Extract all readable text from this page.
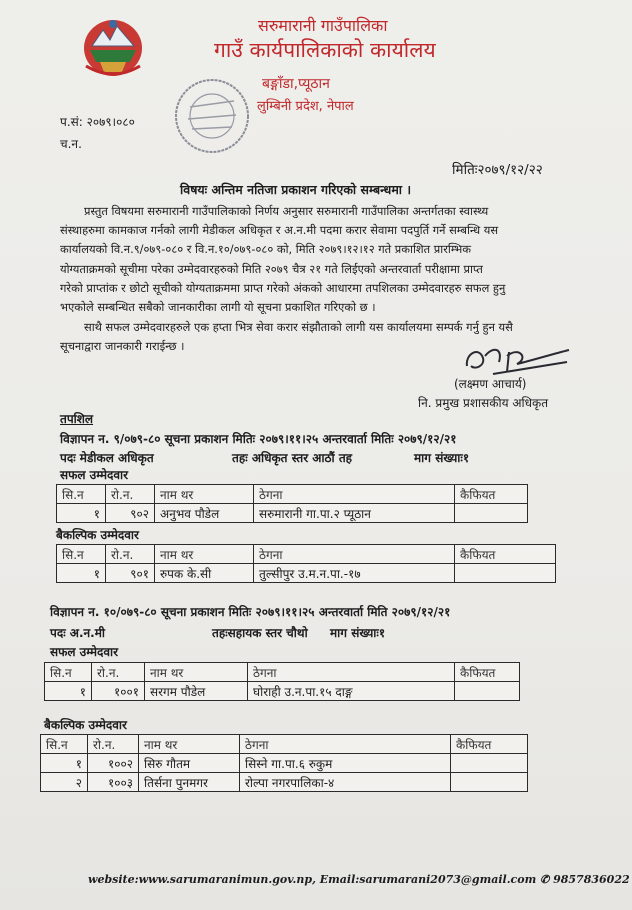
सरुमारानी गाउँपालिका
गाउँ कार्यपालिकाको कार्यालय
बङ्गाँडा,प्यूठान
लुम्बिनी प्रदेश, नेपाल
प.सं: २०७९।०८०
च.न.
मितिः२०७९/१२/२२
विषयः अन्तिम नतिजा प्रकाशन गरिएको सम्बन्धमा ।
प्रस्तुत विषयमा सरुमारानी गाउँपालिकाको निर्णय अनुसार सरुमारानी गाउँपालिका अन्तर्गतका स्वास्थ्य
संस्थाहरुमा कामकाज गर्नको लागी मेडीकल अधिकृत र अ.न.मी पदमा करार सेवामा पदपुर्ति गर्ने सम्बन्धि यस
कार्यालयको वि.न.९/०७९-०८० र वि.न.१०/०७९-०८० को, मिति २०७९।१२।१२ गते प्रकाशित प्रारम्भिक
योग्यताक्रमको सूचीमा परेका उम्मेदवारहरुको मिति २०७९ चैत्र २१ गते लिईएको अन्तरवार्ता परीक्षामा प्राप्त
गरेको प्राप्तांक र छोटो सूचीको योग्यताक्रममा प्राप्त गरेको अंकको आधारमा तपशिलका उम्मेदवारहरु सफल हुनु
भएकोले सम्बन्धित सबैको जानकारीका लागी यो सूचना प्रकाशित गरिएको छ ।
साथै सफल उम्मेदवारहरुले एक हप्ता भित्र सेवा करार संझौताको लागी यस कार्यालयमा सम्पर्क गर्नु हुन यसै
सूचनाद्वारा जानकारी गराईन्छ ।
(लक्ष्मण आचार्य)
नि. प्रमुख प्रशासकीय अधिकृत
तपशिल
विज्ञापन न. ९/०७९-८० सूचना प्रकाशन मितिः २०७९।११।२५ अन्तरवार्ता मितिः २०७९/१२/२१
पदः मेडीकल अधिकृत	तहः अधिकृत स्तर आठौं तह	माग संख्याः१
सफल उम्मेदवार
सि.न	रो.न.	नाम थर	ठेगना	कैफियत
१	९०२	अनुभव पौडेल	सरुमारानी गा.पा.२ प्यूठान	
बैकल्पिक उम्मेदवार
सि.न	रो.न.	नाम थर	ठेगना	कैफियत
१	९०१	रुपक के.सी	तुल्सीपुर उ.म.न.पा.-१७	
विज्ञापन न. १०/०७९-८० सूचना प्रकाशन मितिः २०७९।११।२५ अन्तरवार्ता मिति २०७९/१२/२१
पदः अ.न.मी	तहःसहायक स्तर चौथो माग संख्याः१
सफल उम्मेदवार
सि.न	रो.न.	नाम थर	ठेगना	कैफियत
१	१००१	सरगम पौडेल	घोराही उ.न.पा.१५ दाङ्ग	
बैकल्पिक उम्मेदवार
सि.न	रो.न.	नाम थर	ठेगना	कैफियत
१	१००२	सिरु गौतम	सिस्ने गा.पा.६ रुकुम	
२	१००३	तिर्सना पुनमगर	रोल्पा नगरपालिका-४	
website:www.sarumaranimun.gov.np, Email:sarumarani2073@gmail.com ✆ 9857836022
